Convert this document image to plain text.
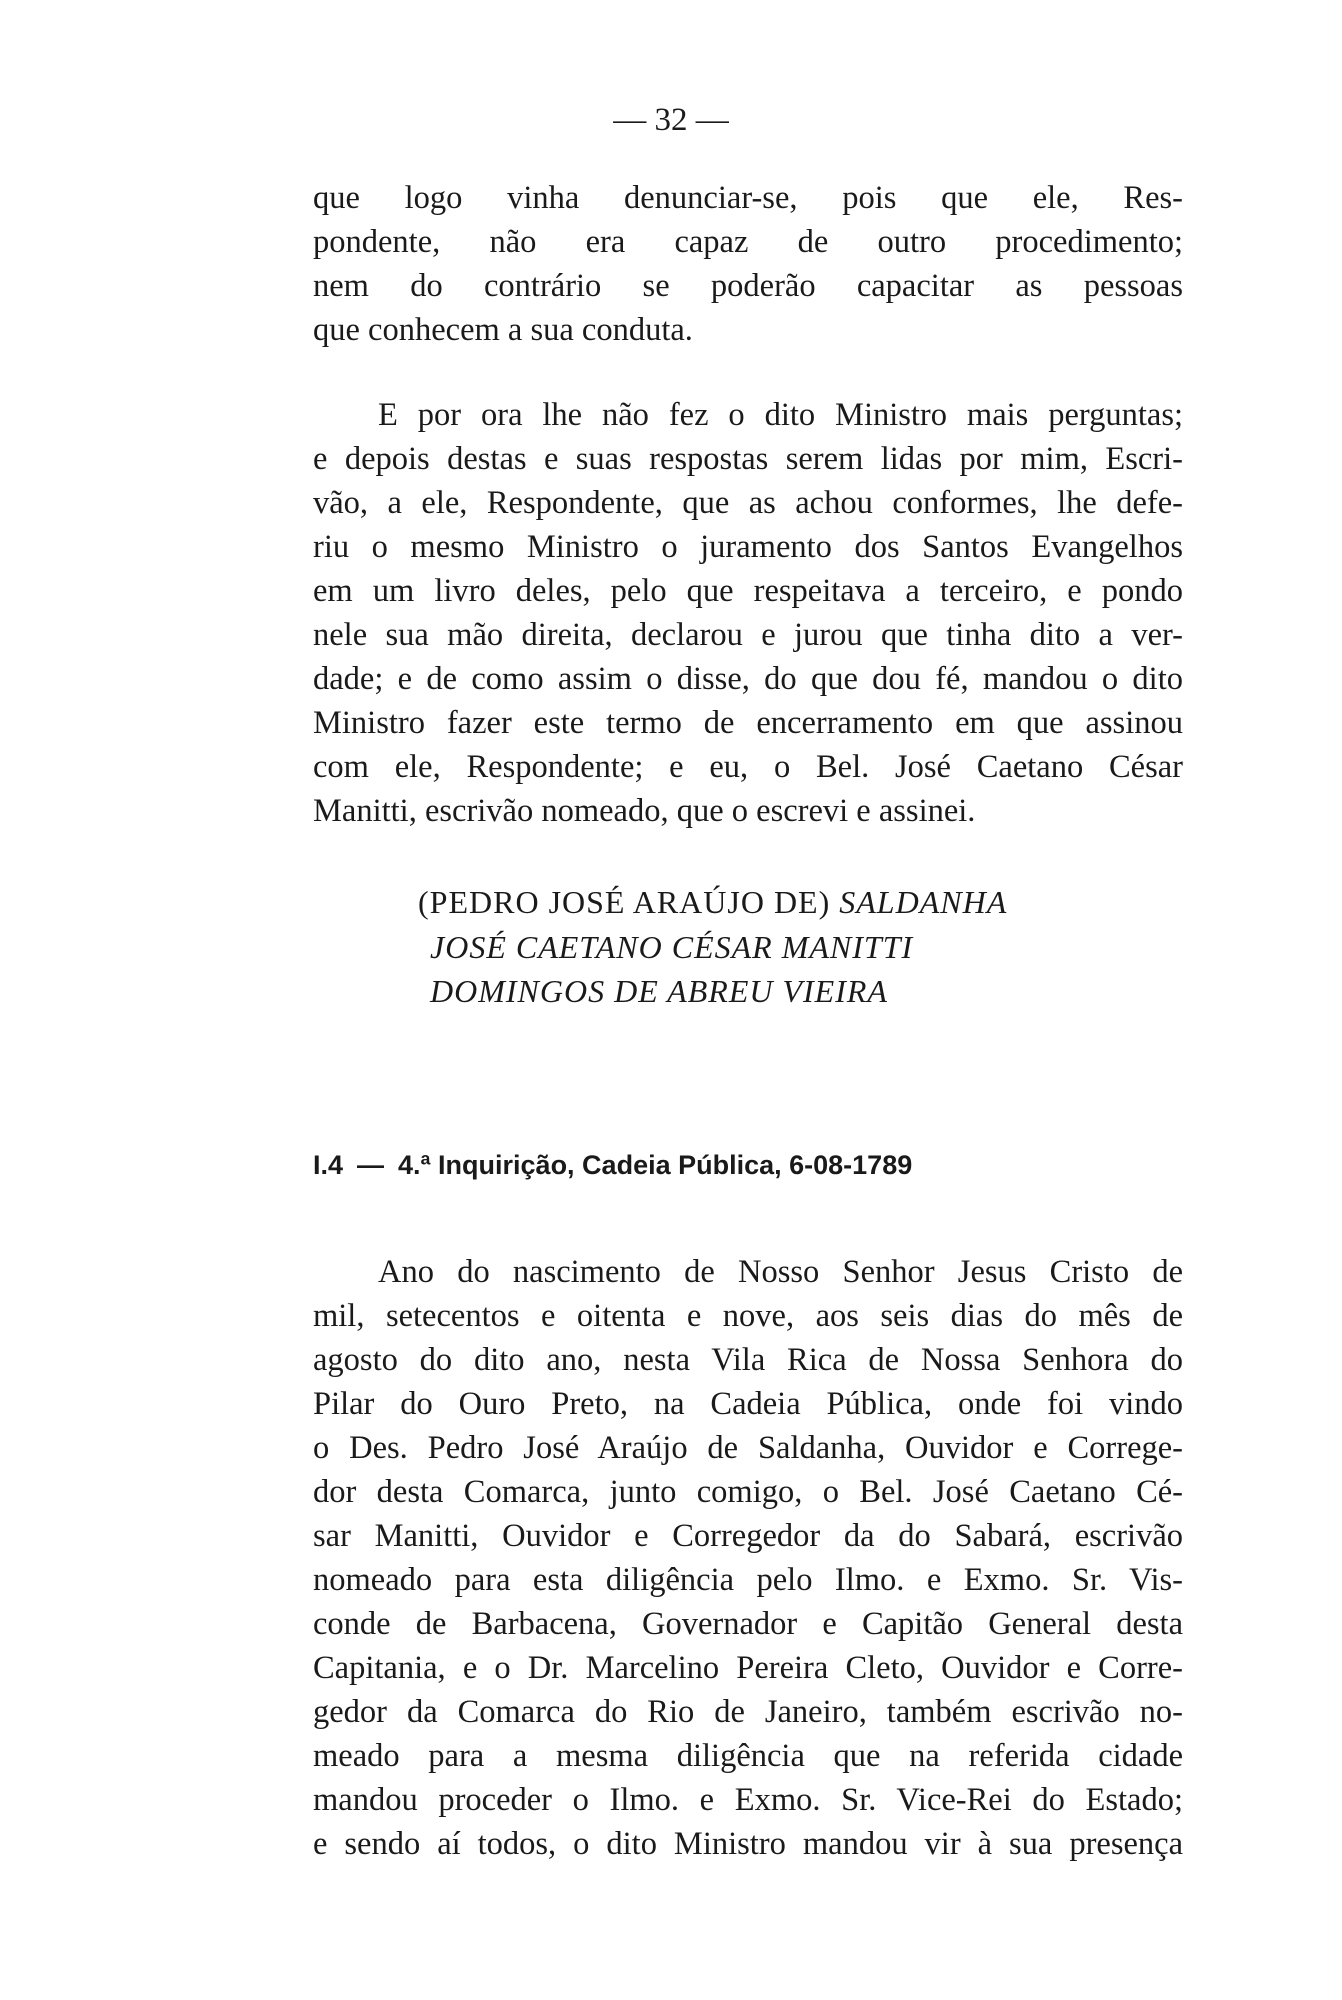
— 32 —
que logo vinha denunciar-se, pois que ele, Res-
pondente, não era capaz de outro procedimento;
nem do contrário se poderão capacitar as pessoas
que conhecem a sua conduta.
E por ora lhe não fez o dito Ministro mais perguntas;
e depois destas e suas respostas serem lidas por mim, Escri-
vão, a ele, Respondente, que as achou conformes, lhe defe-
riu o mesmo Ministro o juramento dos Santos Evangelhos
em um livro deles, pelo que respeitava a terceiro, e pondo
nele sua mão direita, declarou e jurou que tinha dito a ver-
dade; e de como assim o disse, do que dou fé, mandou o dito
Ministro fazer este termo de encerramento em que assinou
com ele, Respondente; e eu, o Bel. José Caetano César
Manitti, escrivão nomeado, que o escrevi e assinei.
(PEDRO JOSÉ ARAÚJO DE) SALDANHA
JOSÉ CAETANO CÉSAR MANITTI
DOMINGOS DE ABREU VIEIRA
I.4 — 4.ª Inquirição, Cadeia Pública, 6-08-1789
Ano do nascimento de Nosso Senhor Jesus Cristo de
mil, setecentos e oitenta e nove, aos seis dias do mês de
agosto do dito ano, nesta Vila Rica de Nossa Senhora do
Pilar do Ouro Preto, na Cadeia Pública, onde foi vindo
o Des. Pedro José Araújo de Saldanha, Ouvidor e Correge-
dor desta Comarca, junto comigo, o Bel. José Caetano Cé-
sar Manitti, Ouvidor e Corregedor da do Sabará, escrivão
nomeado para esta diligência pelo Ilmo. e Exmo. Sr. Vis-
conde de Barbacena, Governador e Capitão General desta
Capitania, e o Dr. Marcelino Pereira Cleto, Ouvidor e Corre-
gedor da Comarca do Rio de Janeiro, também escrivão no-
meado para a mesma diligência que na referida cidade
mandou proceder o Ilmo. e Exmo. Sr. Vice-Rei do Estado;
e sendo aí todos, o dito Ministro mandou vir à sua presença
